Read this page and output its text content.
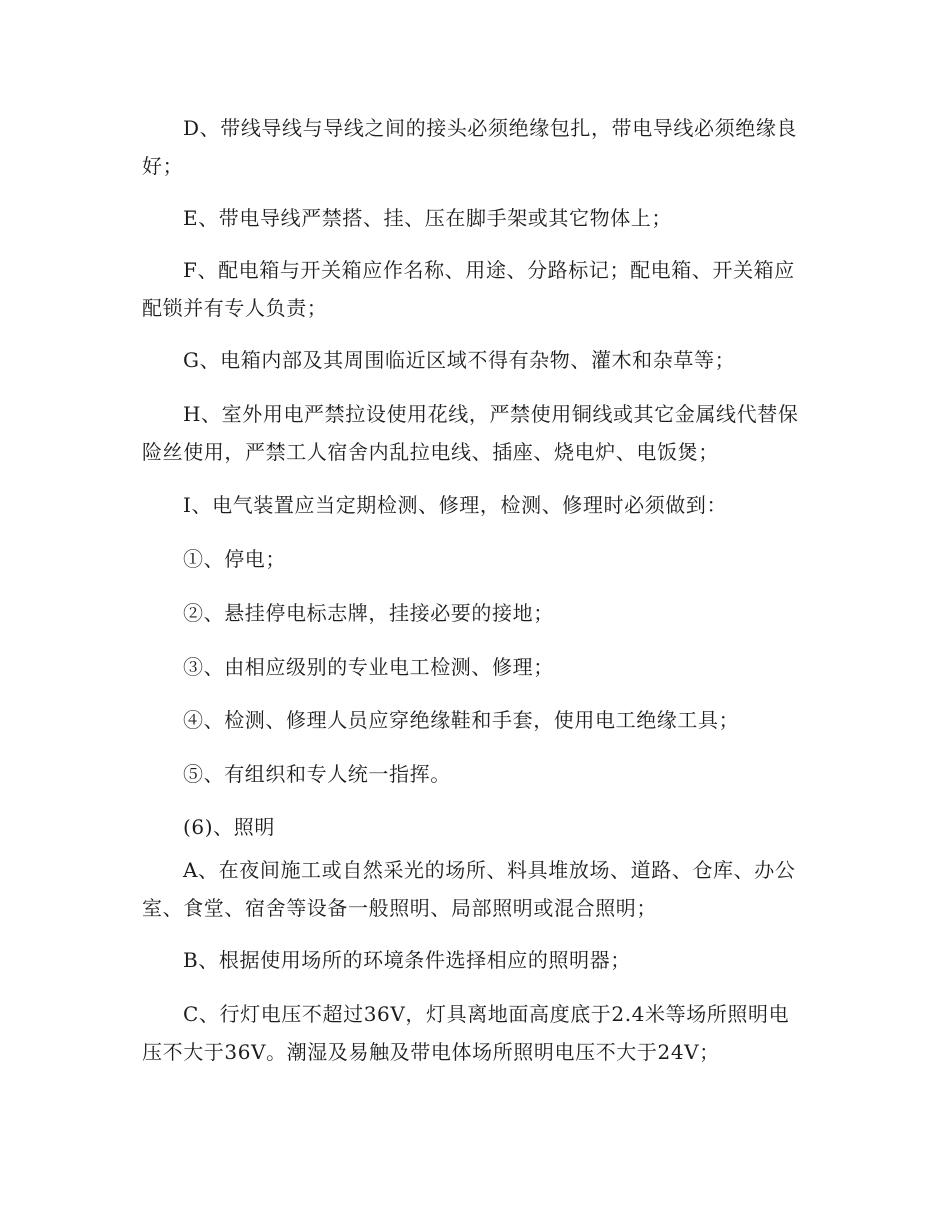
D、带线导线与导线之间的接头必须绝缘包扎，带电导线必须绝缘良好；

E、带电导线严禁搭、挂、压在脚手架或其它物体上；

F、配电箱与开关箱应作名称、用途、分路标记；配电箱、开关箱应配锁并有专人负责；

G、电箱内部及其周围临近区域不得有杂物、灌木和杂草等；

H、室外用电严禁拉设使用花线，严禁使用铜线或其它金属线代替保险丝使用，严禁工人宿舍内乱拉电线、插座、烧电炉、电饭煲；

I、电气装置应当定期检测、修理，检测、修理时必须做到：

①、停电；

②、悬挂停电标志牌，挂接必要的接地；

③、由相应级别的专业电工检测、修理；

④、检测、修理人员应穿绝缘鞋和手套，使用电工绝缘工具；

⑤、有组织和专人统一指挥。

(6)、照明

A、在夜间施工或自然采光的场所、料具堆放场、道路、仓库、办公室、食堂、宿舍等设备一般照明、局部照明或混合照明；

B、根据使用场所的环境条件选择相应的照明器；

C、行灯电压不超过36V，灯具离地面高度底于2.4米等场所照明电压不大于36V。潮湿及易触及带电体场所照明电压不大于24V；
